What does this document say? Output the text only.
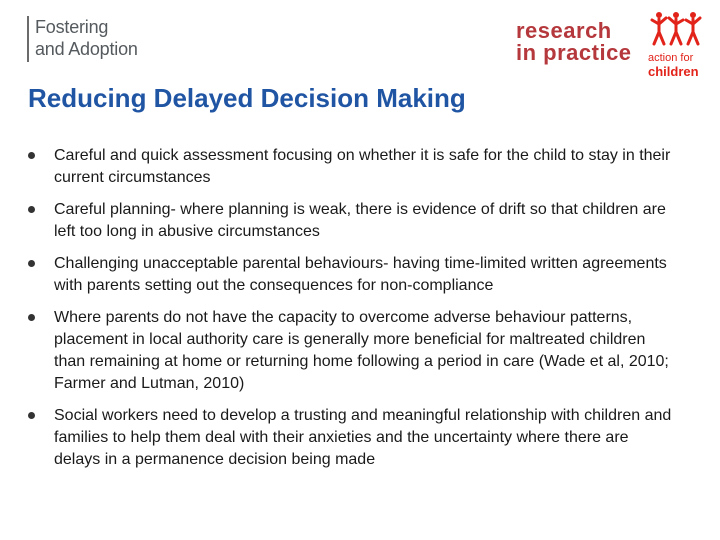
Fostering
and Adoption
research
in practice action for
children
Reducing Delayed Decision Making
Careful and quick assessment focusing on whether it is safe for the child to stay in their current circumstances
Careful planning- where planning is weak, there is evidence of drift so that children are left too long in abusive circumstances
Challenging unacceptable parental behaviours- having time-limited written agreements with parents setting out the consequences for non-compliance
Where parents do not have the capacity to overcome adverse behaviour patterns, placement in local authority care is generally more beneficial for maltreated children than remaining at home or returning home following a period in care (Wade et al, 2010; Farmer and Lutman, 2010)
Social workers need to develop a trusting and meaningful relationship with children and families to help them deal with their anxieties and the uncertainty where there are delays in a permanence decision being made
